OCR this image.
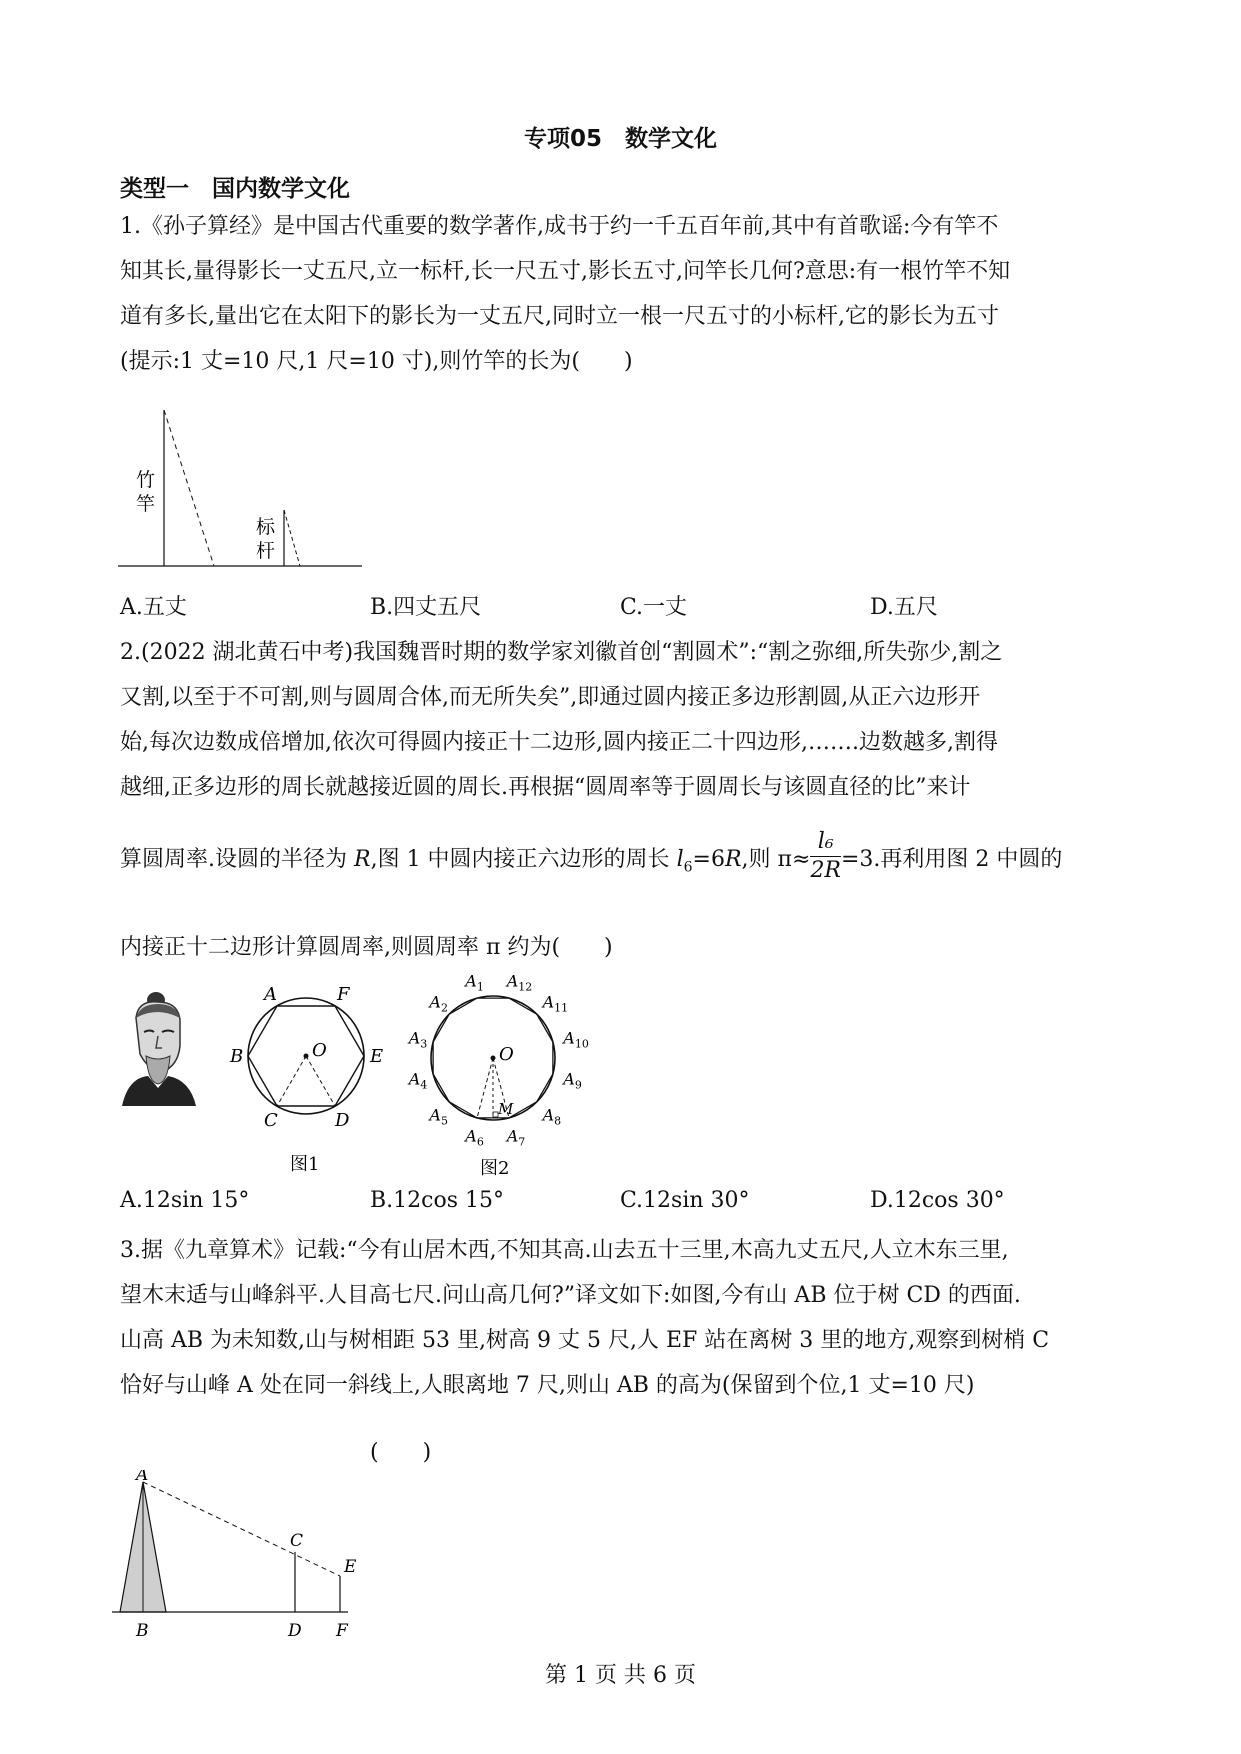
专项05　数学文化
类型一　国内数学文化
1.《孙子算经》是中国古代重要的数学著作,成书于约一千五百年前,其中有首歌谣:今有竿不
知其长,量得影长一丈五尺,立一标杆,长一尺五寸,影长五寸,问竿长几何?意思:有一根竹竿不知
道有多长,量出它在太阳下的影长为一丈五尺,同时立一根一尺五寸的小标杆,它的影长为五寸
(提示:1 丈=10 尺,1 尺=10 寸),则竹竿的长为(　　)
竹
竿
标
杆
A.五丈	B.四丈五尺	C.一丈	D.五尺
2.(2022 湖北黄石中考)我国魏晋时期的数学家刘徽首创“割圆术”:“割之弥细,所失弥少,割之
又割,以至于不可割,则与圆周合体,而无所失矣”,即通过圆内接正多边形割圆,从正六边形开
始,每次边数成倍增加,依次可得圆内接正十二边形,圆内接正二十四边形,…….边数越多,割得
越细,正多边形的周长就越接近圆的周长.再根据“圆周率等于圆周长与该圆直径的比”来计
算圆周率.设圆的半径为 R,图 1 中圆内接正六边形的周长 $l_6=6R$,则 $\pi\approx \frac{\text{l₆}}{2R} =3$.再利用图 2 中圆的
内接正十二边形计算圆周率,则圆周率 π 约为(　　)
A	F
B	E
C	D
O
图1
O
M
$A_1$
$A_2$
$A_3$
$A_4$
$A_5$
$A_6$ $A_7$
$A_8$
$A_9$
$A_{10}$
$A_{11}$
$A_{12}$
图2
A.12sin 15°	B.12cos 15°	C.12sin 30°	D.12cos 30°
3.据《九章算术》记载:“今有山居木西,不知其高.山去五十三里,木高九丈五尺,人立木东三里,
望木末适与山峰斜平.人目高七尺.问山高几何?”译文如下:如图,今有山 AB 位于树 CD 的西面.
山高 AB 为未知数,山与树相距 53 里,树高 9 丈 5 尺,人 EF 站在离树 3 里的地方,观察到树梢 C
恰好与山峰 A 处在同一斜线上,人眼离地 7 尺,则山 AB 的高为(保留到个位,1 丈=10 尺)
(　　)
A
B
C
D
E
F
第 1 页 共 6 页
